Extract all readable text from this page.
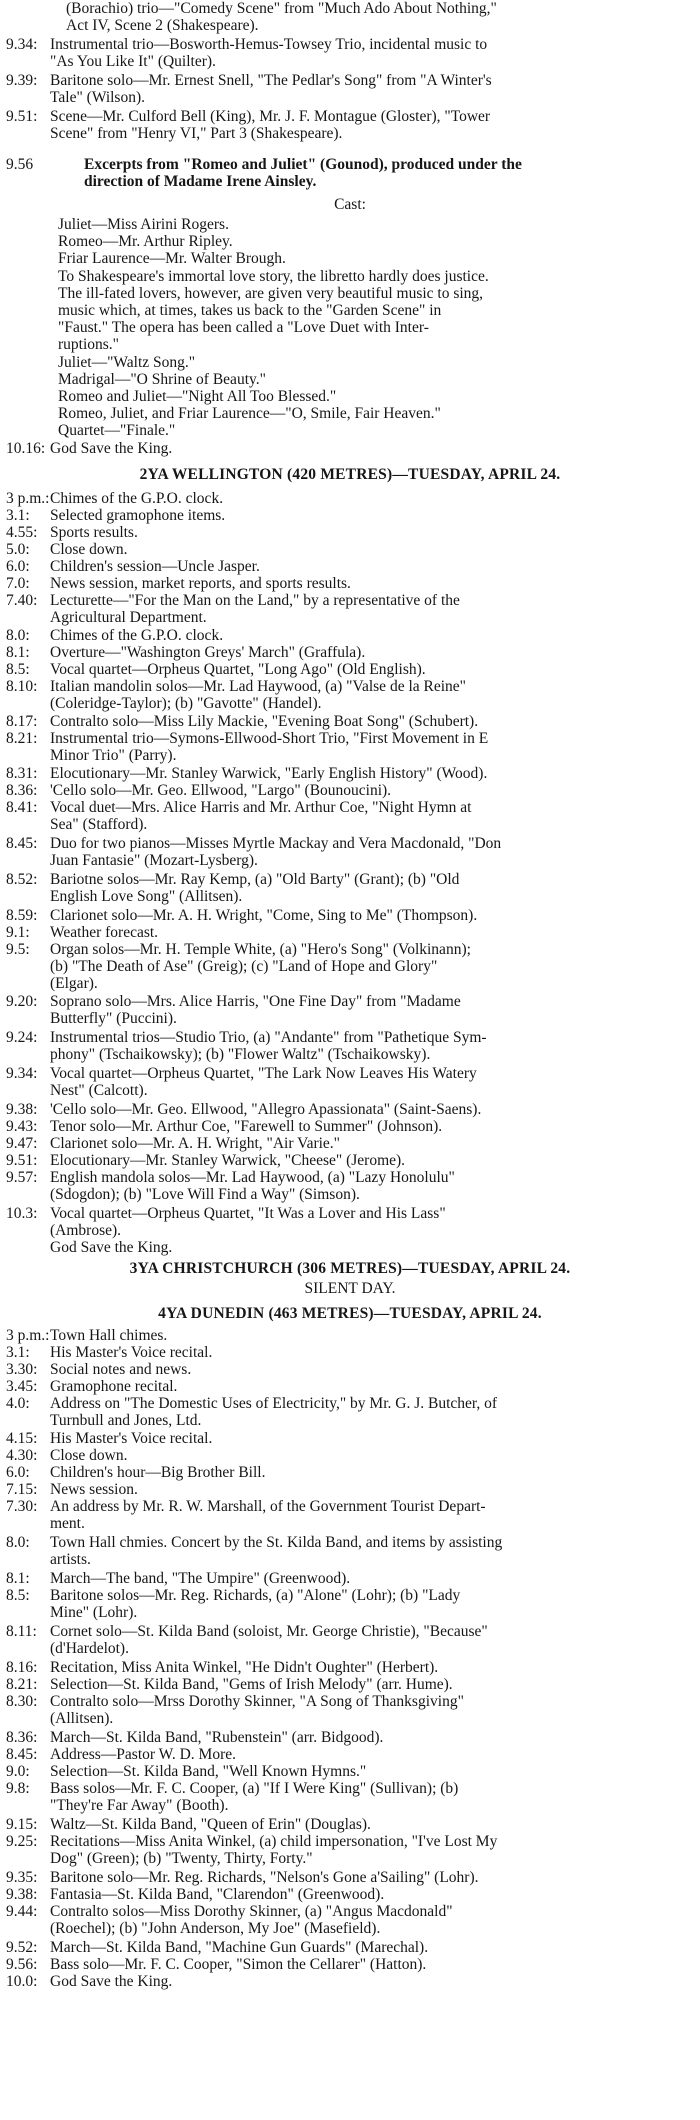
(Borachio) trio—"Comedy Scene" from "Much Ado About Nothing,"
Act IV, Scene 2 (Shakespeare).
9.34: Instrumental trio—Bosworth-Hemus-Towsey Trio, incidental music to
"As You Like It" (Quilter).
9.39: Baritone solo—Mr. Ernest Snell, "The Pedlar's Song" from "A Winter's
Tale" (Wilson).
9.51: Scene—Mr. Culford Bell (King), Mr. J. F. Montague (Gloster), "Tower
Scene" from "Henry VI," Part 3 (Shakespeare).
9.56	Excerpts from "Romeo and Juliet" (Gounod), produced under the
direction of Madame Irene Ainsley.
Cast:
Juliet—Miss Airini Rogers.
Romeo—Mr. Arthur Ripley.
Friar Laurence—Mr. Walter Brough.
To Shakespeare's immortal love story, the libretto hardly does justice.
The ill-fated lovers, however, are given very beautiful music to sing,
music which, at times, takes us back to the "Garden Scene" in
"Faust." The opera has been called a "Love Duet with Inter-
ruptions."
Juliet—"Waltz Song."
Madrigal—"O Shrine of Beauty."
Romeo and Juliet—"Night All Too Blessed."
Romeo, Juliet, and Friar Laurence—"O, Smile, Fair Heaven."
Quartet—"Finale."
10.16: God Save the King.
2YA WELLINGTON (420 METRES)—TUESDAY, APRIL 24.
3 p.m.: Chimes of the G.P.O. clock.
3.1: Selected gramophone items.
4.55: Sports results.
5.0: Close down.
6.0: Children's session—Uncle Jasper.
7.0: News session, market reports, and sports results.
7.40: Lecturette—"For the Man on the Land," by a representative of the
Agricultural Department.
8.0: Chimes of the G.P.O. clock.
8.1: Overture—"Washington Greys' March" (Graffula).
8.5: Vocal quartet—Orpheus Quartet, "Long Ago" (Old English).
8.10: Italian mandolin solos—Mr. Lad Haywood, (a) "Valse de la Reine"
(Coleridge-Taylor); (b) "Gavotte" (Handel).
8.17: Contralto solo—Miss Lily Mackie, "Evening Boat Song" (Schubert).
8.21: Instrumental trio—Symons-Ellwood-Short Trio, "First Movement in E
Minor Trio" (Parry).
8.31: Elocutionary—Mr. Stanley Warwick, "Early English History" (Wood).
8.36: 'Cello solo—Mr. Geo. Ellwood, "Largo" (Bounoucini).
8.41: Vocal duet—Mrs. Alice Harris and Mr. Arthur Coe, "Night Hymn at
Sea" (Stafford).
8.45: Duo for two pianos—Misses Myrtle Mackay and Vera Macdonald, "Don
Juan Fantasie" (Mozart-Lysberg).
8.52: Bariotne solos—Mr. Ray Kemp, (a) "Old Barty" (Grant); (b) "Old
English Love Song" (Allitsen).
8.59: Clarionet solo—Mr. A. H. Wright, "Come, Sing to Me" (Thompson).
9.1: Weather forecast.
9.5: Organ solos—Mr. H. Temple White, (a) "Hero's Song" (Volkinann);
(b) "The Death of Ase" (Greig); (c) "Land of Hope and Glory"
(Elgar).
9.20: Soprano solo—Mrs. Alice Harris, "One Fine Day" from "Madame
Butterfly" (Puccini).
9.24: Instrumental trios—Studio Trio, (a) "Andante" from "Pathetique Sym-
phony" (Tschaikowsky); (b) "Flower Waltz" (Tschaikowsky).
9.34: Vocal quartet—Orpheus Quartet, "The Lark Now Leaves His Watery
Nest" (Calcott).
9.38: 'Cello solo—Mr. Geo. Ellwood, "Allegro Apassionata" (Saint-Saens).
9.43: Tenor solo—Mr. Arthur Coe, "Farewell to Summer" (Johnson).
9.47: Clarionet solo—Mr. A. H. Wright, "Air Varie."
9.51: Elocutionary—Mr. Stanley Warwick, "Cheese" (Jerome).
9.57: English mandola solos—Mr. Lad Haywood, (a) "Lazy Honolulu"
(Sdogdon); (b) "Love Will Find a Way" (Simson).
10.3: Vocal quartet—Orpheus Quartet, "It Was a Lover and His Lass"
(Ambrose).
God Save the King.
3YA CHRISTCHURCH (306 METRES)—TUESDAY, APRIL 24.
SILENT DAY.
4YA DUNEDIN (463 METRES)—TUESDAY, APRIL 24.
3 p.m.: Town Hall chimes.
3.1: His Master's Voice recital.
3.30: Social notes and news.
3.45: Gramophone recital.
4.0: Address on "The Domestic Uses of Electricity," by Mr. G. J. Butcher, of
Turnbull and Jones, Ltd.
4.15: His Master's Voice recital.
4.30: Close down.
6.0: Children's hour—Big Brother Bill.
7.15: News session.
7.30: An address by Mr. R. W. Marshall, of the Government Tourist Depart-
ment.
8.0: Town Hall chmies. Concert by the St. Kilda Band, and items by assisting
artists.
8.1: March—The band, "The Umpire" (Greenwood).
8.5: Baritone solos—Mr. Reg. Richards, (a) "Alone" (Lohr); (b) "Lady
Mine" (Lohr).
8.11: Cornet solo—St. Kilda Band (soloist, Mr. George Christie), "Because"
(d'Hardelot).
8.16: Recitation, Miss Anita Winkel, "He Didn't Oughter" (Herbert).
8.21: Selection—St. Kilda Band, "Gems of Irish Melody" (arr. Hume).
8.30: Contralto solo—Mrss Dorothy Skinner, "A Song of Thanksgiving"
(Allitsen).
8.36: March—St. Kilda Band, "Rubenstein" (arr. Bidgood).
8.45: Address—Pastor W. D. More.
9.0: Selection—St. Kilda Band, "Well Known Hymns."
9.8: Bass solos—Mr. F. C. Cooper, (a) "If I Were King" (Sullivan); (b)
"They're Far Away" (Booth).
9.15: Waltz—St. Kilda Band, "Queen of Erin" (Douglas).
9.25: Recitations—Miss Anita Winkel, (a) child impersonation, "I've Lost My
Dog" (Green); (b) "Twenty, Thirty, Forty."
9.35: Baritone solo—Mr. Reg. Richards, "Nelson's Gone a'Sailing" (Lohr).
9.38: Fantasia—St. Kilda Band, "Clarendon" (Greenwood).
9.44: Contralto solos—Miss Dorothy Skinner, (a) "Angus Macdonald"
(Roechel); (b) "John Anderson, My Joe" (Masefield).
9.52: March—St. Kilda Band, "Machine Gun Guards" (Marechal).
9.56: Bass solo—Mr. F. C. Cooper, "Simon the Cellarer" (Hatton).
10.0: God Save the King.
